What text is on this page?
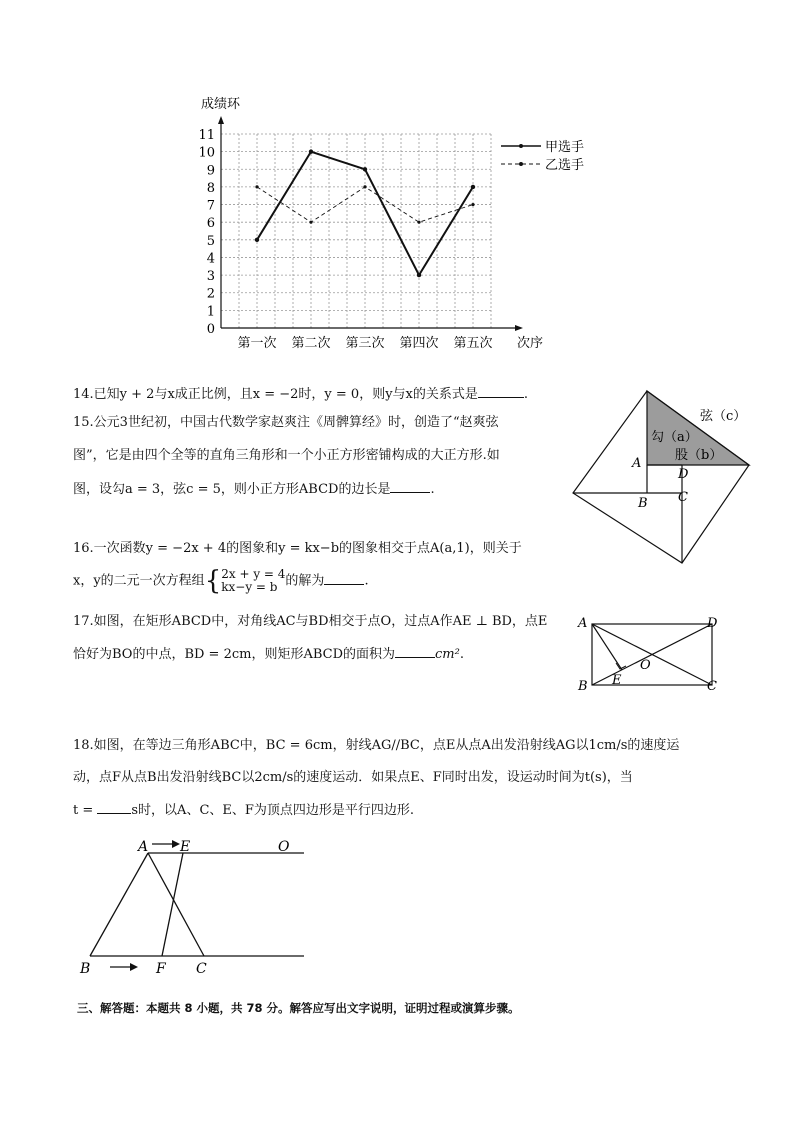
0
1
2
3
4
5
6
7
8
9
10
11
第一次 第二次 第三次 第四次 第五次
成绩环
次序
甲选手
乙选手
14.已知y + 2与x成正比例，且x = −2时，y = 0，则y与x的关系式是	.
15.公元3世纪初，中国古代数学家赵爽注《周髀算经》时，创造了“赵爽弦
图”，它是由四个全等的直角三角形和一个小正方形密铺构成的大正方形.如
图，设勾a = 3，弦c = 5，则小正方形ABCD的边长是	.
弦（c）
勾（a）
股（b）
A
D
B C
16.一次函数y = −2x + 4的图象和y = kx−b的图象相交于点A(a,1)，则关于
x，y的二元一次方程组{ 2x + y = 4
kx−y = b 的解为	.
17.如图，在矩形ABCD中，对角线AC与BD相交于点O，过点A作AE ⊥ BD，点E
恰好为BO的中点，BD = 2cm，则矩形ABCD的面积为	cm².
A	D
B	C
E
O
18.如图，在等边三角形ABC中，BC = 6cm，射线AG//BC，点E从点A出发沿射线AG以1cm/s的速度运
动，点F从点B出发沿射线BC以2cm/s的速度运动．如果点E、F同时出发，设运动时间为t(s)，当
t =	s时，以A、C、E、F为顶点四边形是平行四边形.
A E	O
B	F C
三、解答题：本题共 8 小题，共 78 分。解答应写出文字说明，证明过程或演算步骤。
